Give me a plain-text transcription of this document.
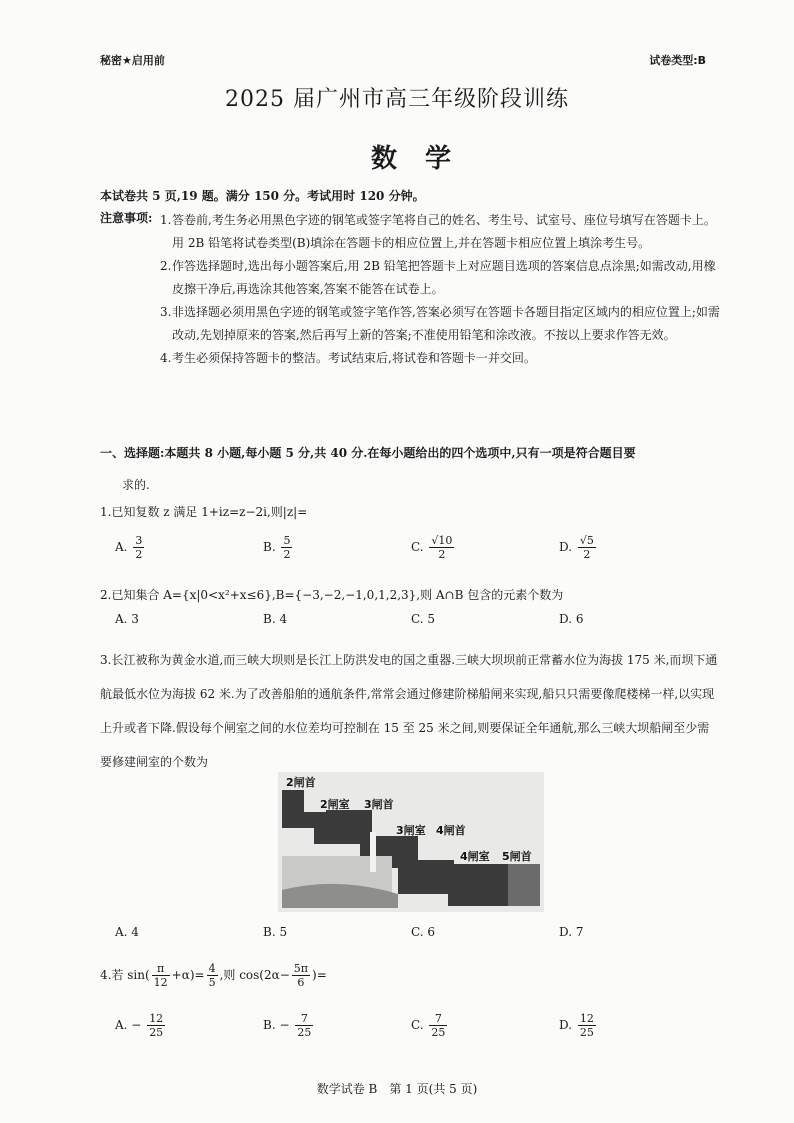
秘密★启用前	试卷类型:B
2025 届广州市高三年级阶段训练
数学
本试卷共 5 页,19 题。满分 150 分。考试用时 120 分钟。
注意事项: 1. 答卷前,考生务必用黑色字迹的钢笔或签字笔将自己的姓名、考生号、试室号、座位号填写在答题卡上。用 2B 铅笔将试卷类型(B)填涂在答题卡的相应位置上,并在答题卡相应位置上填涂考生号。
2. 作答选择题时,选出每小题答案后,用 2B 铅笔把答题卡上对应题目选项的答案信息点涂黑;如需改动,用橡皮擦干净后,再选涂其他答案,答案不能答在试卷上。
3. 非选择题必须用黑色字迹的钢笔或签字笔作答,答案必须写在答题卡各题目指定区域内的相应位置上;如需改动,先划掉原来的答案,然后再写上新的答案;不准使用铅笔和涂改液。不按以上要求作答无效。
4. 考生必须保持答题卡的整洁。考试结束后,将试卷和答题卡一并交回。
一、选择题:本题共 8 小题,每小题 5 分,共 40 分.在每小题给出的四个选项中,只有一项是符合题目要
求的.
1.已知复数 z 满足 1+iz=z−2i,则|z|=
A. $\frac{3}{2}$	B. $\frac{5}{2}$	C. $\frac{√10}{2}$	D. $\frac{√5}{2}$
2.已知集合 A={x|0<x²+x≤6},B={−3,−2,−1,0,1,2,3},则 A∩B 包含的元素个数为
A. 3	B. 4	C. 5	D. 6
3.长江被称为黄金水道,而三峡大坝则是长江上防洪发电的国之重器.三峡大坝坝前正常蓄水位为海拔 175 米,而坝下通航最低水位为海拔 62 米.为了改善船舶的通航条件,常常会通过修建阶梯船闸来实现,船只只需要像爬楼梯一样,以实现上升或者下降.假设每个闸室之间的水位差均可控制在 15 至 25 米之间,则要保证全年通航,那么三峡大坝船闸至少需要修建闸室的个数为
2闸首
2闸室 3闸首
3闸室 4闸首
4闸室 5闸首
A. 4	B. 5	C. 6	D. 7
4.若 $\sin( \frac{\pi}{12} +\alpha)= \frac{4}{5}$ ,则 $\cos(2\alpha- \frac{5\pi}{6}$ )=
A. − $\frac{12}{25}$	B. − $\frac{7}{25}$	C. $\frac{7}{25}$	D. $\frac{12}{25}$
数学试卷 B　第 1 页(共 5 页)
